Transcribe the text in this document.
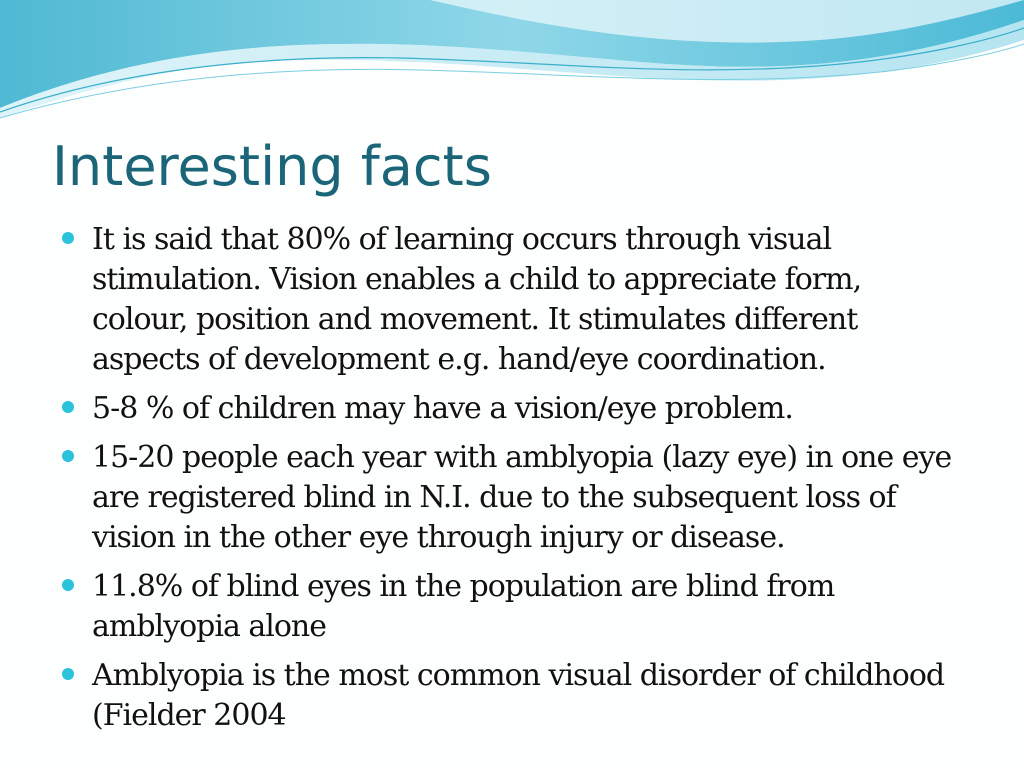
Interesting facts
It is said that 80% of learning occurs through visual stimulation. Vision enables a child to appreciate form, colour, position and movement. It stimulates different aspects of development e.g. hand/eye coordination.
5-8 % of children may have a vision/eye problem.
15-20 people each year with amblyopia (lazy eye) in one eye are registered blind in N.I. due to the subsequent loss of vision in the other eye through injury or disease.
11.8% of blind eyes in the population are blind from amblyopia alone
Amblyopia is the most common visual disorder of childhood (Fielder 2004
